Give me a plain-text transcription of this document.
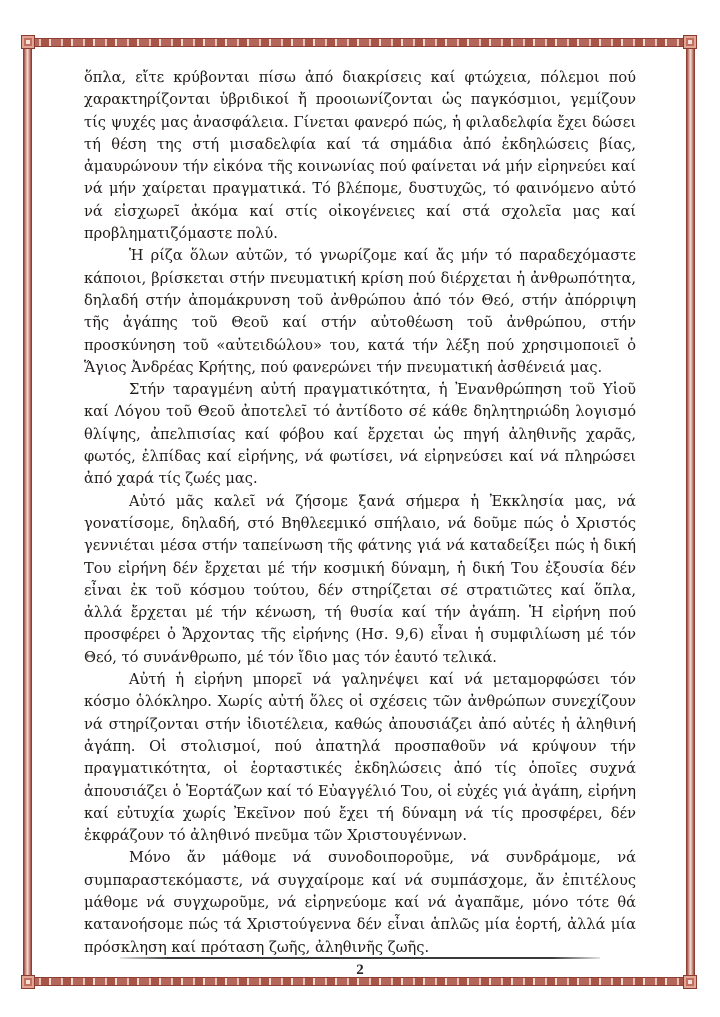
ὅπλα, εἴτε κρύβονται πίσω ἀπό διακρίσεις καί φτώχεια, πόλεμοι πού χαρακτηρίζονται ὑβριδικοί ἤ προοιωνίζονται ὡς παγκόσμιοι, γεμίζουν τίς ψυχές μας ἀνασφάλεια. Γίνεται φανερό πώς, ἡ φιλαδελφία ἔχει δώσει τή θέση της στή μισαδελφία καί τά σημάδια ἀπό ἐκδηλώσεις βίας, ἀμαυρώνουν τήν εἰκόνα τῆς κοινωνίας πού φαίνεται νά μήν εἰρηνεύει καί νά μήν χαίρεται πραγματικά. Τό βλέπομε, δυστυχῶς, τό φαινόμενο αὐτό νά εἰσχωρεῖ ἀκόμα καί στίς οἰκογένειες καί στά σχολεῖα μας καί προβληματιζόμαστε πολύ.

Ἡ ρίζα ὅλων αὐτῶν, τό γνωρίζομε καί ἄς μήν τό παραδεχόμαστε κάποιοι, βρίσκεται στήν πνευματική κρίση πού διέρχεται ἡ ἀνθρωπότητα, δηλαδή στήν ἀπομάκρυνση τοῦ ἀνθρώπου ἀπό τόν Θεό, στήν ἀπόρριψη τῆς ἀγάπης τοῦ Θεοῦ καί στήν αὐτοθέωση τοῦ ἀνθρώπου, στήν προσκύνηση τοῦ «αὐτειδώλου» του, κατά τήν λέξη πού χρησιμοποιεῖ ὁ Ἅγιος Ἀνδρέας Κρήτης, πού φανερώνει τήν πνευματική ἀσθένειά μας.

Στήν ταραγμένη αὐτή πραγματικότητα, ἡ Ἐνανθρώπηση τοῦ Υἱοῦ καί Λόγου τοῦ Θεοῦ ἀποτελεῖ τό ἀντίδοτο σέ κάθε δηλητηριώδη λογισμό θλίψης, ἀπελπισίας καί φόβου καί ἔρχεται ὡς πηγή ἀληθινῆς χαρᾶς, φωτός, ἐλπίδας καί εἰρήνης, νά φωτίσει, νά εἰρηνεύσει καί νά πληρώσει ἀπό χαρά τίς ζωές μας.

Αὐτό μᾶς καλεῖ νά ζήσομε ξανά σήμερα ἡ Ἐκκλησία μας, νά γονατίσομε, δηλαδή, στό Βηθλεεμικό σπήλαιο, νά δοῦμε πώς ὁ Χριστός γεννιέται μέσα στήν ταπείνωση τῆς φάτνης γιά νά καταδείξει πώς ἡ δική Του εἰρήνη δέν ἔρχεται μέ τήν κοσμική δύναμη, ἡ δική Του ἐξουσία δέν εἶναι ἐκ τοῦ κόσμου τούτου, δέν στηρίζεται σέ στρατιῶτες καί ὅπλα, ἀλλά ἔρχεται μέ τήν κένωση, τή θυσία καί τήν ἀγάπη. Ἡ εἰρήνη πού προσφέρει ὁ Ἄρχοντας τῆς εἰρήνης (Ησ. 9,6) εἶναι ἡ συμφιλίωση μέ τόν Θεό, τό συνάνθρωπο, μέ τόν ἴδιο μας τόν ἑαυτό τελικά.

Αὐτή ἡ εἰρήνη μπορεῖ νά γαληνέψει καί νά μεταμορφώσει τόν κόσμο ὁλόκληρο. Χωρίς αὐτή ὅλες οἱ σχέσεις τῶν ἀνθρώπων συνεχίζουν νά στηρίζονται στήν ἰδιοτέλεια, καθώς ἀπουσιάζει ἀπό αὐτές ἡ ἀληθινή ἀγάπη. Οἱ στολισμοί, πού ἀπατηλά προσπαθοῦν νά κρύψουν τήν πραγματικότητα, οἱ ἑορταστικές ἐκδηλώσεις ἀπό τίς ὁποῖες συχνά ἀπουσιάζει ὁ Ἑορτάζων καί τό Εὐαγγέλιό Του, οἱ εὐχές γιά ἀγάπη, εἰρήνη καί εὐτυχία χωρίς Ἐκεῖνον πού ἔχει τή δύναμη νά τίς προσφέρει, δέν ἐκφράζουν τό ἀληθινό πνεῦμα τῶν Χριστουγέννων.

Μόνο ἄν μάθομε νά συνοδοιποροῦμε, νά συνδράμομε, νά συμπαραστεκόμαστε, νά συγχαίρομε καί νά συμπάσχομε, ἄν ἐπιτέλους μάθομε νά συγχωροῦμε, νά εἰρηνεύομε καί νά ἀγαπᾶμε, μόνο τότε θά κατανοήσομε πώς τά Χριστούγεννα δέν εἶναι ἁπλῶς μία ἑορτή, ἀλλά μία πρόσκληση καί πρόταση ζωῆς, ἀληθινῆς ζωῆς.

2
